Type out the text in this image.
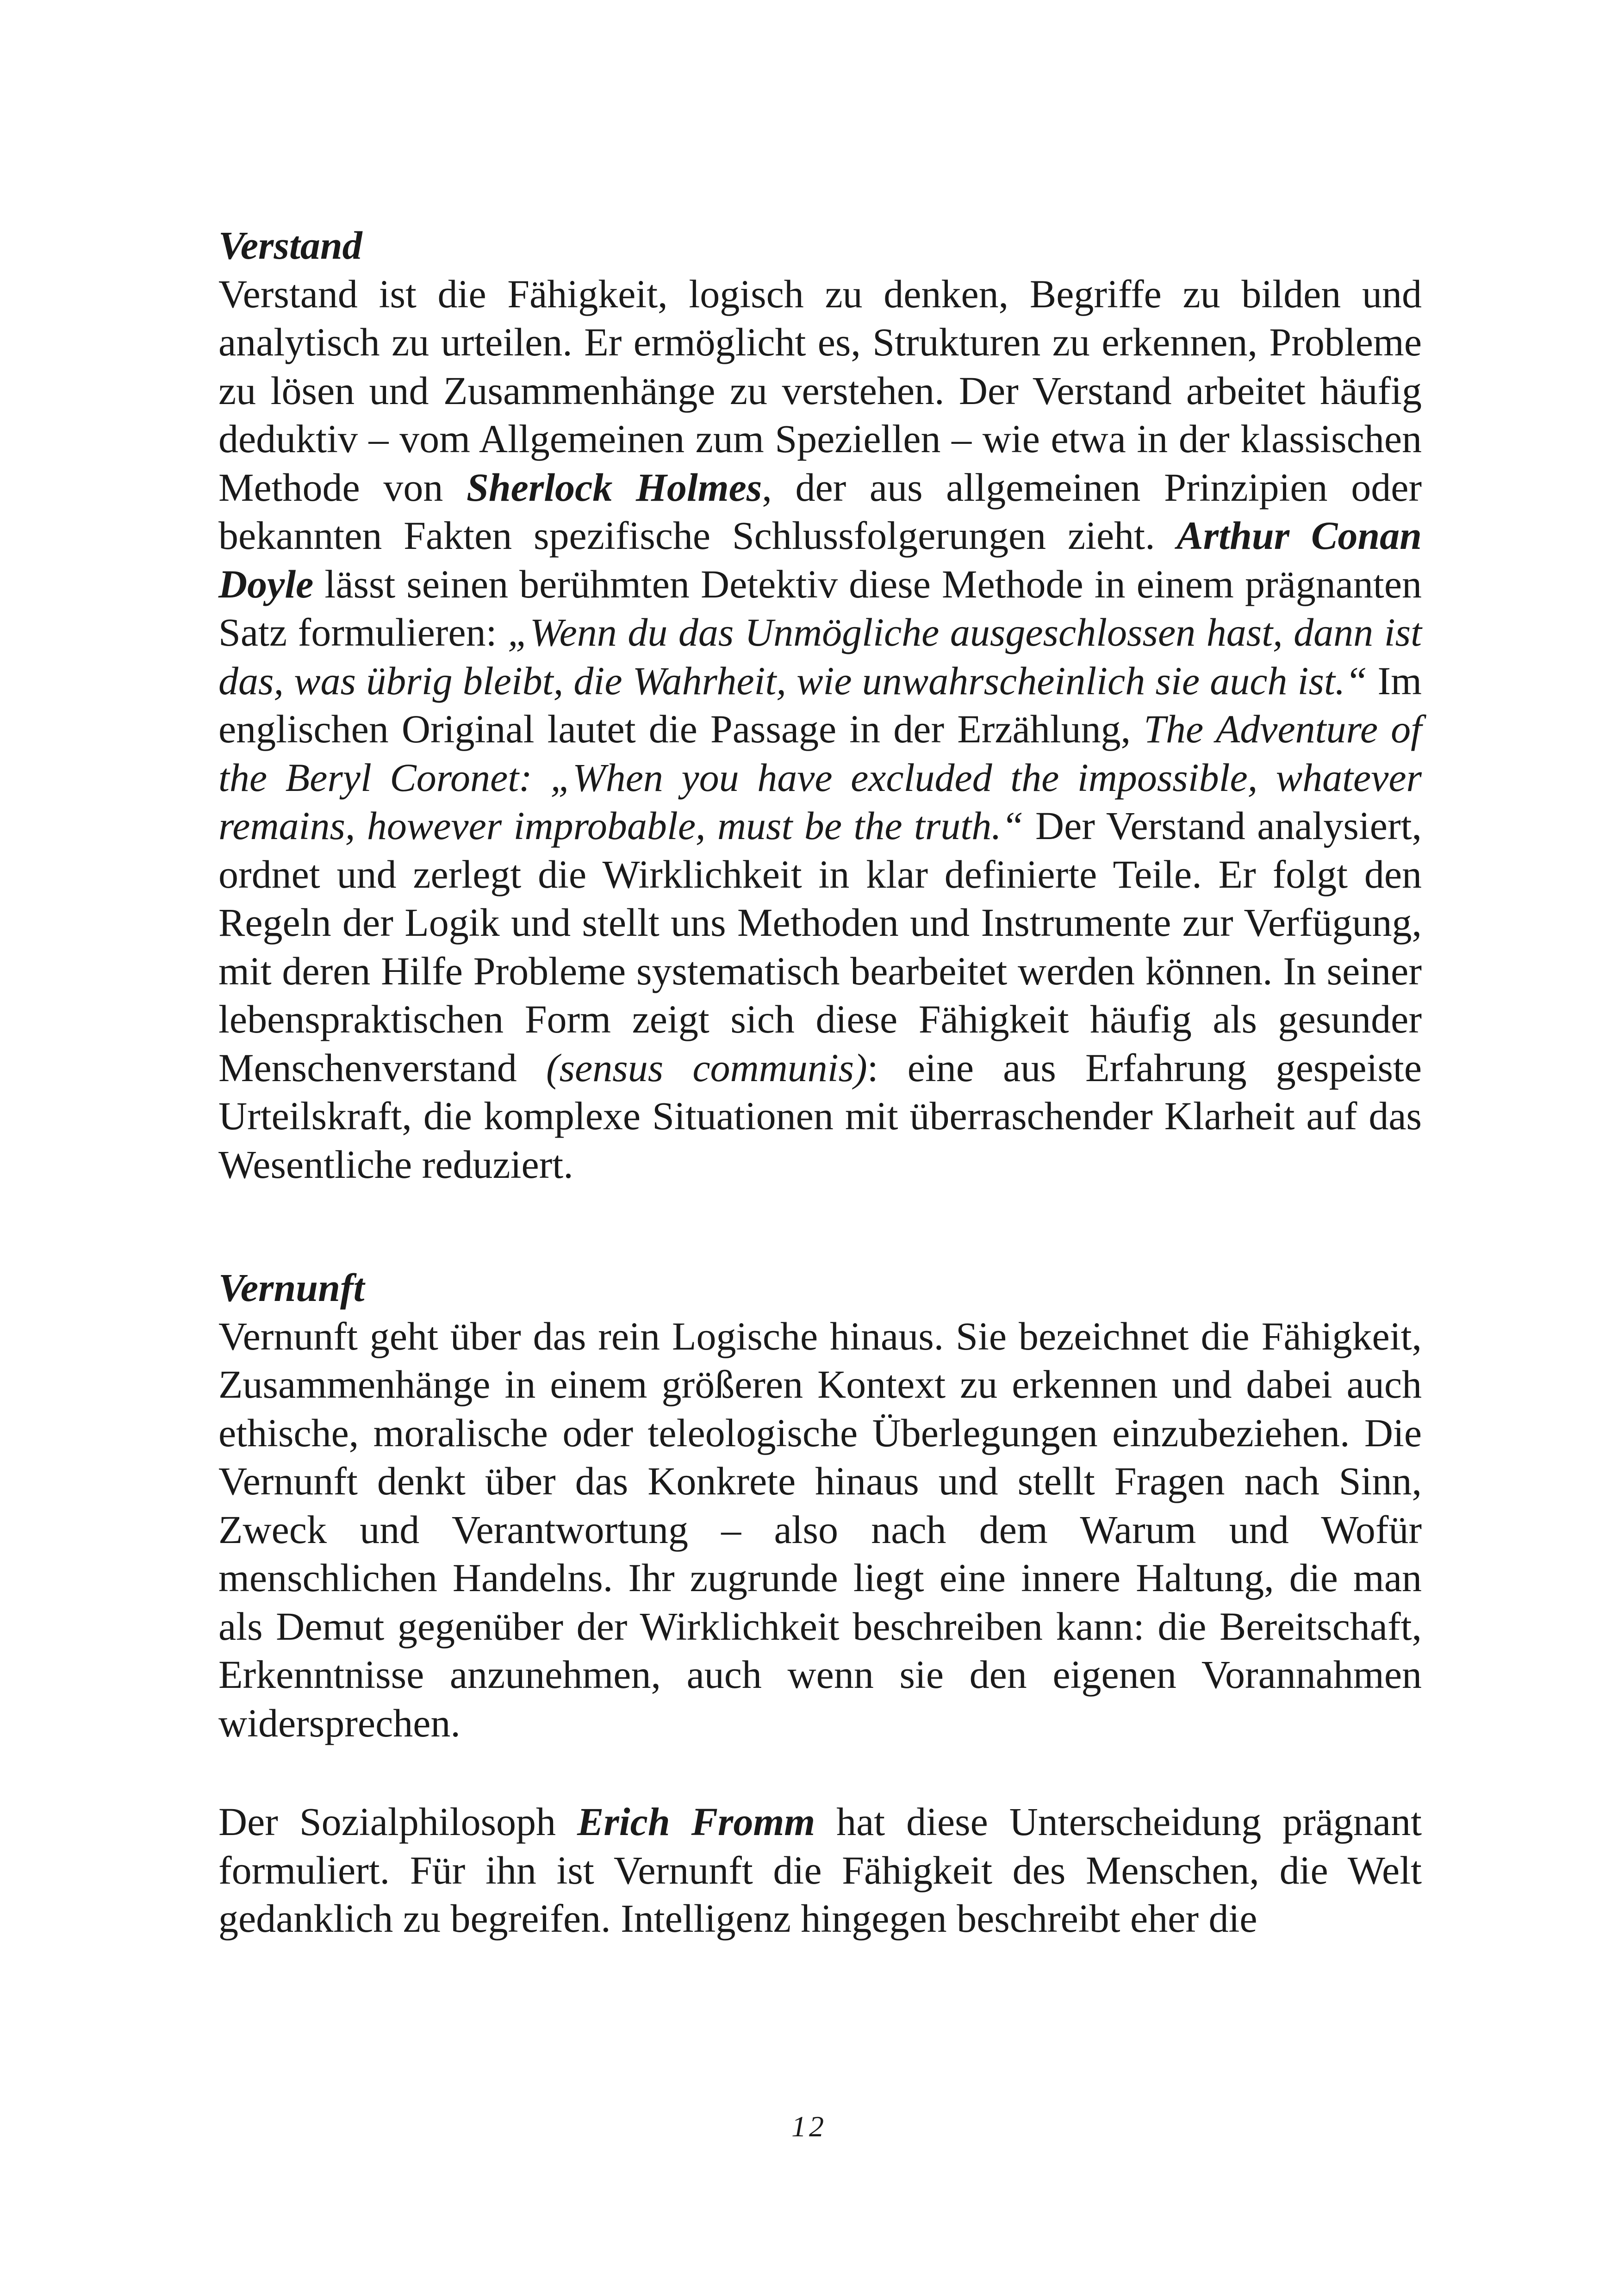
Verstand

Verstand ist die Fähigkeit, logisch zu denken, Begriffe zu bilden und analytisch zu urteilen. Er ermöglicht es, Strukturen zu erkennen, Probleme zu lösen und Zusammenhänge zu verstehen. Der Verstand arbeitet häufig deduktiv – vom Allgemeinen zum Speziellen – wie etwa in der klassischen Methode von Sherlock Holmes, der aus allgemeinen Prinzipien oder bekannten Fakten spezifische Schlussfolgerungen zieht. Arthur Conan Doyle lässt seinen berühmten Detektiv diese Methode in einem prägnanten Satz formulieren: „Wenn du das Unmögliche ausgeschlossen hast, dann ist das, was übrig bleibt, die Wahrheit, wie unwahrscheinlich sie auch ist.“ Im englischen Original lautet die Passage in der Erzählung, The Adventure of the Beryl Coronet: „When you have excluded the impossible, whatever remains, however improbable, must be the truth.“ Der Verstand analysiert, ordnet und zerlegt die Wirklichkeit in klar definierte Teile. Er folgt den Regeln der Logik und stellt uns Methoden und Instrumente zur Verfügung, mit deren Hilfe Probleme systematisch bearbeitet werden können. In seiner lebenspraktischen Form zeigt sich diese Fähigkeit häufig als gesunder Menschenverstand (sensus communis): eine aus Erfahrung gespeiste Urteilskraft, die komplexe Situationen mit überraschender Klarheit auf das Wesentliche reduziert.

Vernunft

Vernunft geht über das rein Logische hinaus. Sie bezeichnet die Fähigkeit, Zusammenhänge in einem größeren Kontext zu erkennen und dabei auch ethische, moralische oder teleologische Überlegungen einzubeziehen. Die Vernunft denkt über das Konkrete hinaus und stellt Fragen nach Sinn, Zweck und Verantwortung – also nach dem Warum und Wofür menschlichen Handelns. Ihr zugrunde liegt eine innere Haltung, die man als Demut gegenüber der Wirklichkeit beschreiben kann: die Bereitschaft, Erkenntnisse anzunehmen, auch wenn sie den eigenen Vorannahmen widersprechen.

Der Sozialphilosoph Erich Fromm hat diese Unterscheidung prägnant formuliert. Für ihn ist Vernunft die Fähigkeit des Menschen, die Welt gedanklich zu begreifen. Intelligenz hingegen beschreibt eher die

12
